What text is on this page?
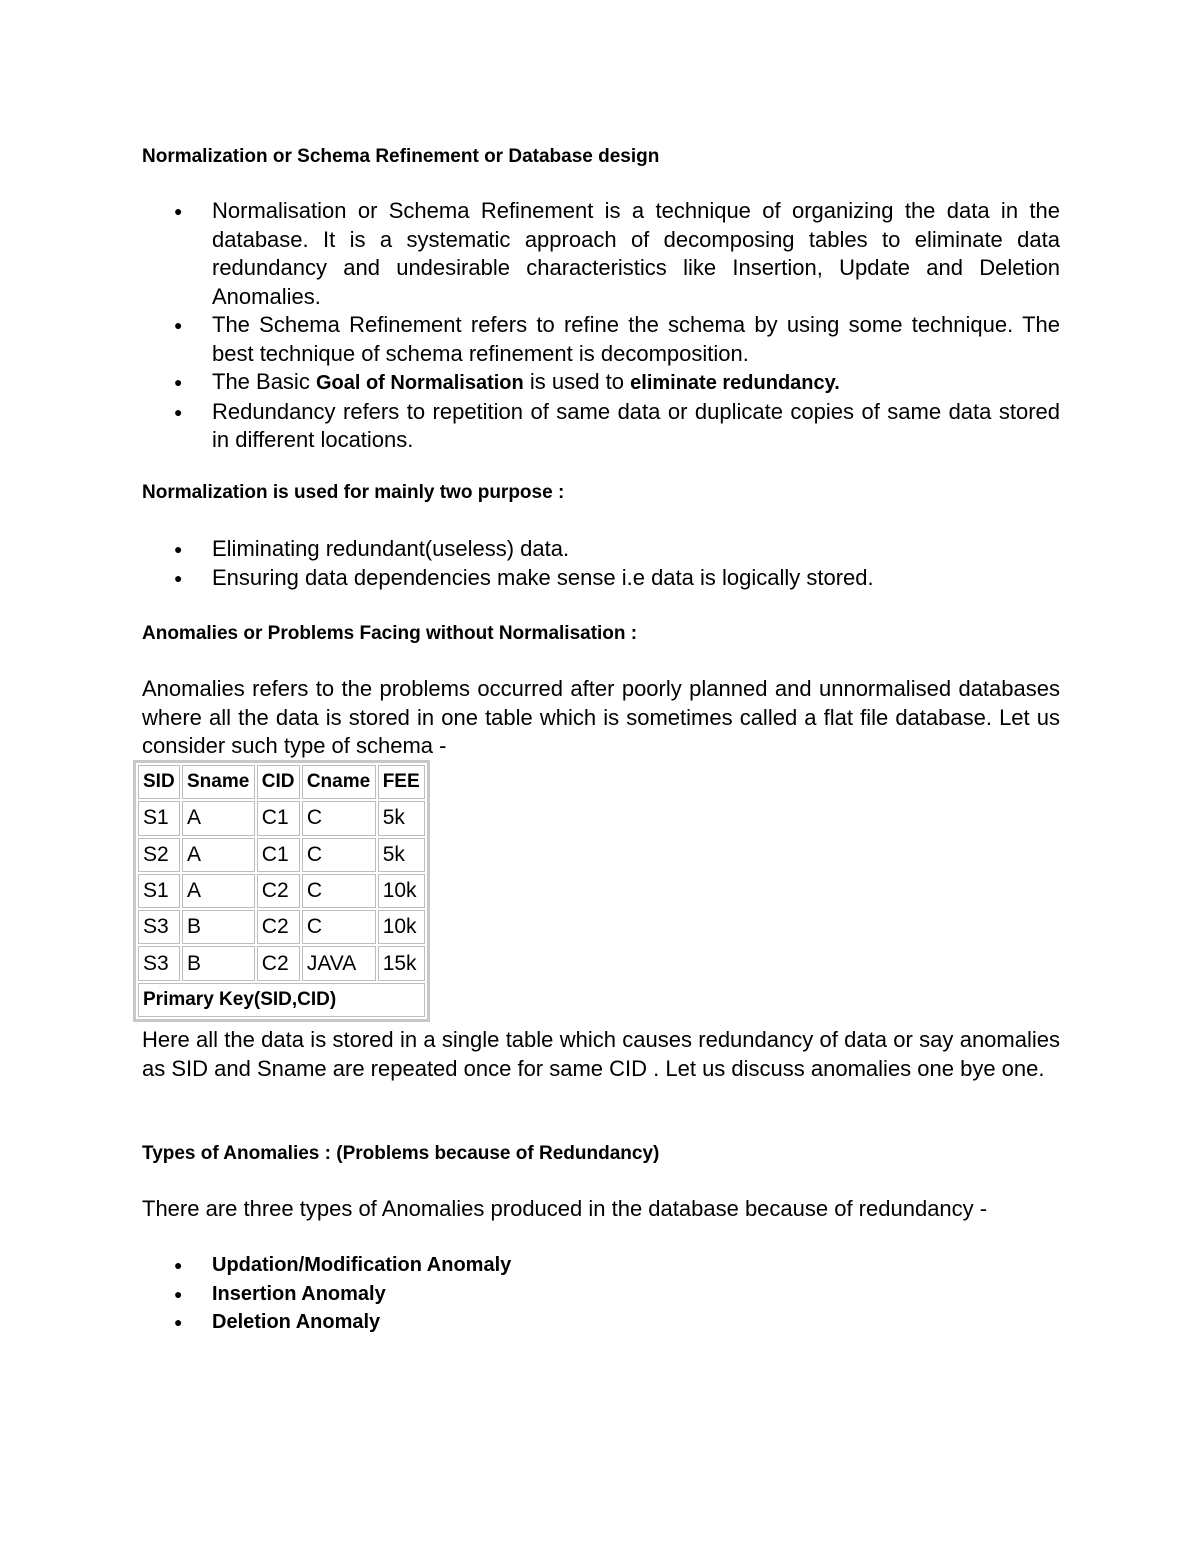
Normalization or Schema Refinement or Database design
●
Normalisation or Schema Refinement is a technique of organizing the data in the database. It is a systematic approach of decomposing tables to eliminate data redundancy and undesirable characteristics like Insertion, Update and Deletion Anomalies.
●
The Schema Refinement refers to refine the schema by using some technique. The best technique of schema refinement is decomposition.
●
The Basic Goal of Normalisation is used to eliminate redundancy.
●
Redundancy refers to repetition of same data or duplicate copies of same data stored in different locations.
Normalization is used for mainly two purpose :
●
Eliminating redundant(useless) data.
●
Ensuring data dependencies make sense i.e data is logically stored.
Anomalies or Problems Facing without Normalisation :

Anomalies refers to the problems occurred after poorly planned and unnormalised databases where all the data is stored in one table which is sometimes called a flat file database. Let us consider such type of schema -

SID	Sname	CID	Cname	FEE
S1	A	C1	C	5k
S2	A	C1	C	5k
S1	A	C2	C	10k
S3	B	C2	C	10k
S3	B	C2	JAVA	15k
Primary Key(SID,CID)				

Here all the data is stored in a single table which causes redundancy of data or say anomalies as SID and Sname are repeated once for same CID . Let us discuss anomalies one bye one.

Types of Anomalies : (Problems because of Redundancy)

There are three types of Anomalies produced in the database because of redundancy -

●
Updation/Modification Anomaly
●
Insertion Anomaly
●
Deletion Anomaly
